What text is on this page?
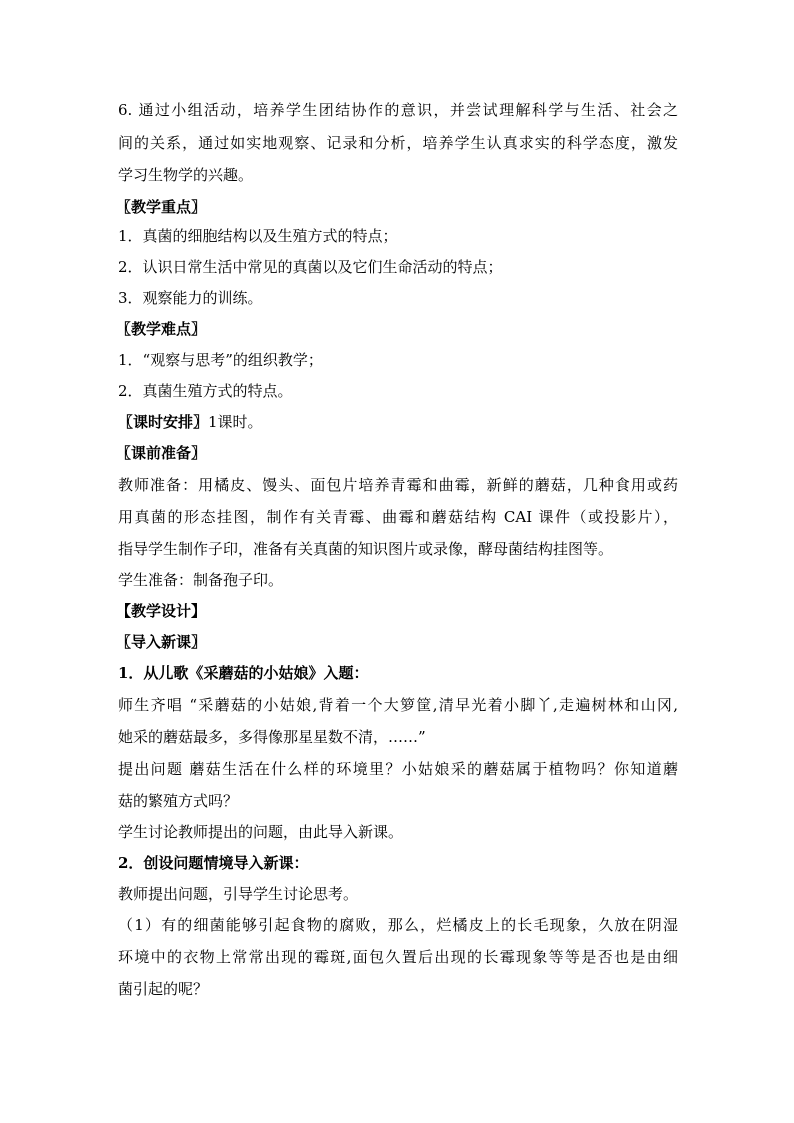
6. 通过小组活动，培养学生团结协作的意识，并尝试理解科学与生活、社会之
间的关系，通过如实地观察、记录和分析，培养学生认真求实的科学态度，激发
学习生物学的兴趣。
〖教学重点〗
1．真菌的细胞结构以及生殖方式的特点；
2．认识日常生活中常见的真菌以及它们生命活动的特点；
3．观察能力的训练。
〖教学难点〗
1．“观察与思考”的组织教学；
2．真菌生殖方式的特点。
〖课时安排〗1课时。
〖课前准备〗
教师准备：用橘皮、馒头、面包片培养青霉和曲霉，新鲜的蘑菇，几种食用或药
用真菌的形态挂图，制作有关青霉、曲霉和蘑菇结构 CAI 课件（或投影片），
指导学生制作子印，准备有关真菌的知识图片或录像，酵母菌结构挂图等。
学生准备：制备孢子印。
【教学设计】
〖导入新课〗
1．从儿歌《采蘑菇的小姑娘》入题：
师生齐唱 “采蘑菇的小姑娘,背着一个大箩筐,清早光着小脚丫,走遍树林和山冈,
她采的蘑菇最多，多得像那星星数不清，……”
提出问题 蘑菇生活在什么样的环境里？小姑娘采的蘑菇属于植物吗？你知道蘑
菇的繁殖方式吗？
学生讨论教师提出的问题，由此导入新课。
2．创设问题情境导入新课：
教师提出问题，引导学生讨论思考。
（1）有的细菌能够引起食物的腐败，那么，烂橘皮上的长毛现象，久放在阴湿
环境中的衣物上常常出现的霉斑,面包久置后出现的长霉现象等等是否也是由细
菌引起的呢？
